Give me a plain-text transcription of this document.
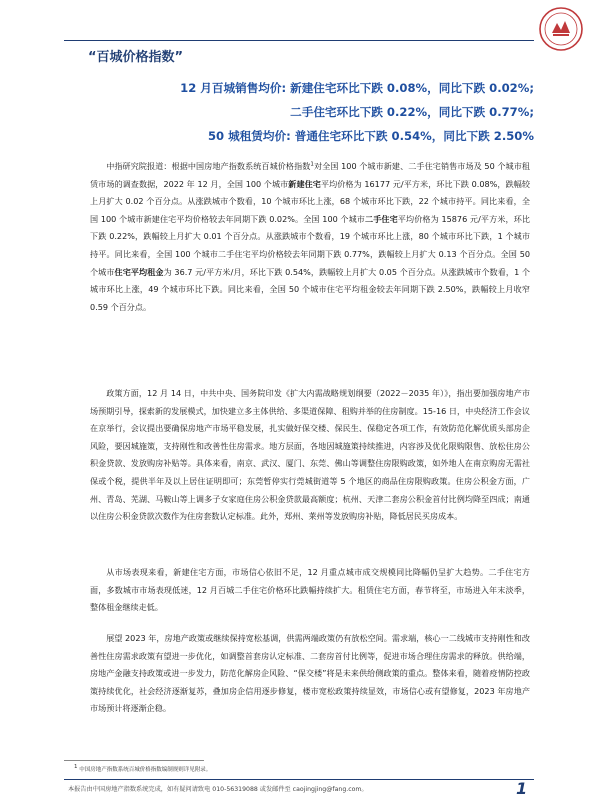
“百城价格指数”
12 月百城销售均价: 新建住宅环比下跌 0.08%，同比下跌 0.02%;
二手住宅环比下跌 0.22%，同比下跌 0.77%;
50 城租赁均价: 普通住宅环比下跌 0.54%，同比下跌 2.50%

中指研究院报道：根据中国房地产指数系统百城价格指数$^1$对全国 100 个城市新建、二手住宅销售市场及 50 个城市租赁市场的调查数据，2022 年 12 月，全国 100 个城市新建住宅平均价格为 16177 元/平方米，环比下跌 0.08%，跌幅较上月扩大 0.02 个百分点。从涨跌城市个数看，10 个城市环比上涨，68 个城市环比下跌，22 个城市持平。同比来看，全国 100 个城市新建住宅平均价格较去年同期下跌 0.02%。全国 100 个城市二手住宅平均价格为 15876 元/平方米，环比下跌 0.22%，跌幅较上月扩大 0.01 个百分点。从涨跌城市个数看，19 个城市环比上涨，80 个城市环比下跌，1 个城市持平。同比来看，全国 100 个城市二手住宅平均价格较去年同期下跌 0.77%，跌幅较上月扩大 0.13 个百分点。全国 50 个城市住宅平均租金为 36.7 元/平方米/月，环比下跌 0.54%，跌幅较上月扩大 0.05 个百分点。从涨跌城市个数看，1 个城市环比上涨，49 个城市环比下跌。同比来看，全国 50 个城市住宅平均租金较去年同期下跌 2.50%，跌幅较上月收窄 0.59 个百分点。

政策方面，12 月 14 日，中共中央、国务院印发《扩大内需战略规划纲要（2022－2035 年）》，指出要加强房地产市场预期引导，探索新的发展模式，加快建立多主体供给、多渠道保障、租购并举的住房制度。15-16 日，中央经济工作会议在京举行，会议提出要确保房地产市场平稳发展，扎实做好保交楼、保民生、保稳定各项工作，有效防范化解优质头部房企风险，要因城施策，支持刚性和改善性住房需求。地方层面，各地因城施策持续推进，内容涉及优化限购限售、放松住房公积金贷款、发放购房补贴等。具体来看，南京、武汉、厦门、东莞、佛山等调整住房限购政策，如外地人在南京购房无需社保或个税，提供半年及以上居住证明即可；东莞暂停实行莞城街道等 5 个地区的商品住房限购政策。住房公积金方面，广州、青岛、芜湖、马鞍山等上调多子女家庭住房公积金贷款最高额度；杭州、天津二套房公积金首付比例均降至四成；南通以住房公积金贷款次数作为住房套数认定标准。此外，郑州、莱州等发放购房补贴，降低居民买房成本。

从市场表现来看，新建住宅方面，市场信心依旧不足，12 月重点城市成交规模同比降幅仍呈扩大趋势。二手住宅方面，多数城市市场表现低迷，12 月百城二手住宅价格环比跌幅持续扩大。租赁住宅方面，春节将至，市场进入年末淡季，整体租金继续走低。

展望 2023 年，房地产政策或继续保持宽松基调，供需两端政策仍有放松空间。需求端，核心一二线城市支持刚性和改善性住房需求政策有望进一步优化，如调整首套房认定标准、二套房首付比例等，促进市场合理住房需求的释放。供给端，房地产金融支持政策或进一步发力，防范化解房企风险、“保交楼”将是未来供给侧政策的重点。整体来看，随着疫情防控政策持续优化，社会经济逐渐复苏，叠加房企信用逐步修复，楼市宽松政策持续显效，市场信心或有望修复，2023 年房地产市场预计将逐渐企稳。

$^1$ 中国房地产指数系统百城价格指数编制规则详见附录。
本报告由中国房地产指数系统完成，如有疑问请致电 010-56319088 或发邮件至 caojingjing@fang.com。	1
